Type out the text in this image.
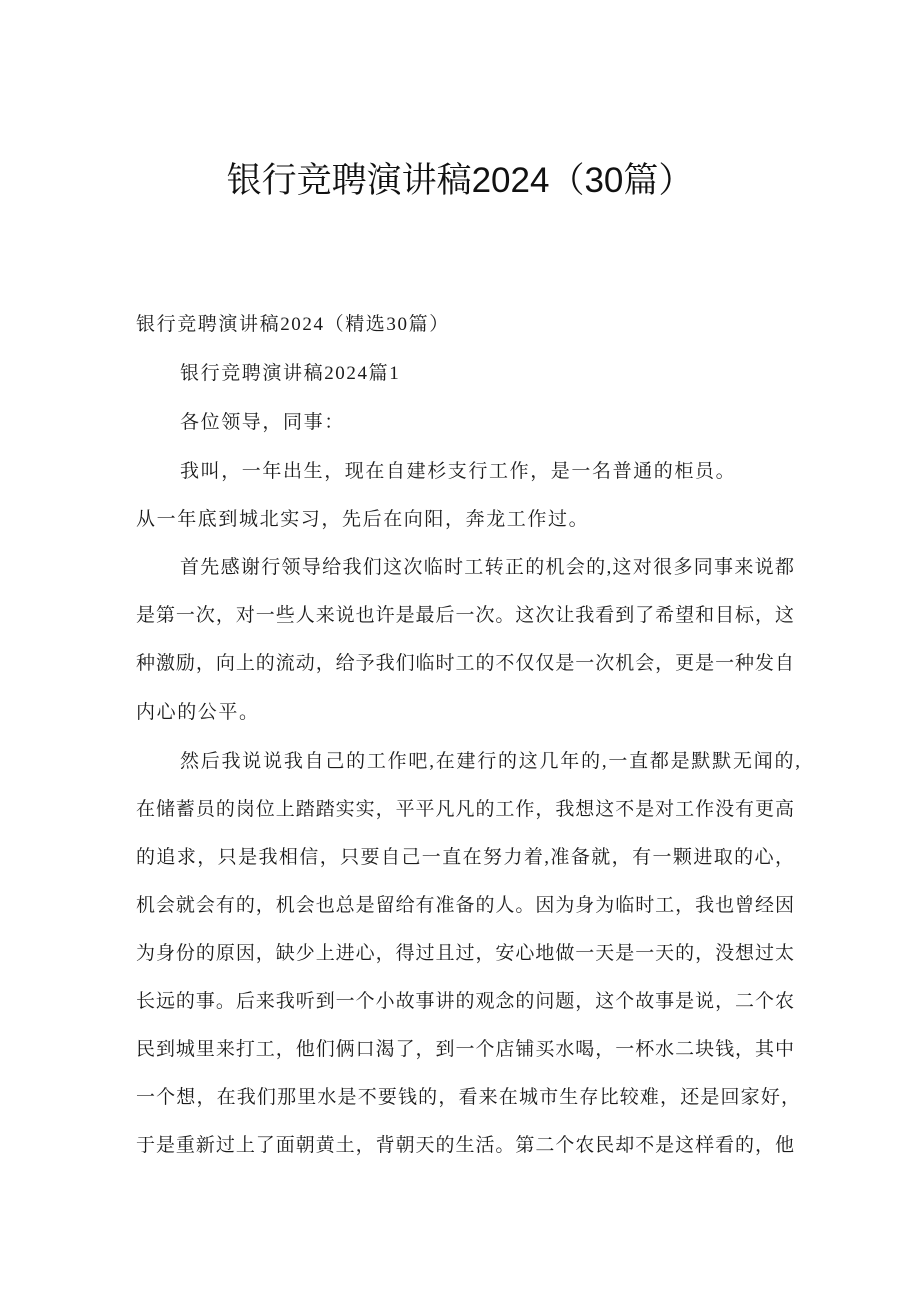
银行竞聘演讲稿2024（30篇）
银行竞聘演讲稿2024（精选30篇）
银行竞聘演讲稿2024篇1
各位领导，同事：
我叫，一年出生，现在自建杉支行工作，是一名普通的柜员。
从一年底到城北实习，先后在向阳，奔龙工作过。
首先感谢行领导给我们这次临时工转正的机会的,这对很多同事来说都
是第一次，对一些人来说也许是最后一次。这次让我看到了希望和目标，这
种激励，向上的流动，给予我们临时工的不仅仅是一次机会，更是一种发自
内心的公平。
然后我说说我自己的工作吧,在建行的这几年的,一直都是默默无闻的,
在储蓄员的岗位上踏踏实实，平平凡凡的工作，我想这不是对工作没有更高
的追求，只是我相信，只要自己一直在努力着,准备就，有一颗进取的心，
机会就会有的，机会也总是留给有准备的人。因为身为临时工，我也曾经因
为身份的原因，缺少上进心，得过且过，安心地做一天是一天的，没想过太
长远的事。后来我听到一个小故事讲的观念的问题，这个故事是说，二个农
民到城里来打工，他们俩口渴了，到一个店铺买水喝，一杯水二块钱，其中
一个想，在我们那里水是不要钱的，看来在城市生存比较难，还是回家好，
于是重新过上了面朝黄土，背朝天的生活。第二个农民却不是这样看的，他
